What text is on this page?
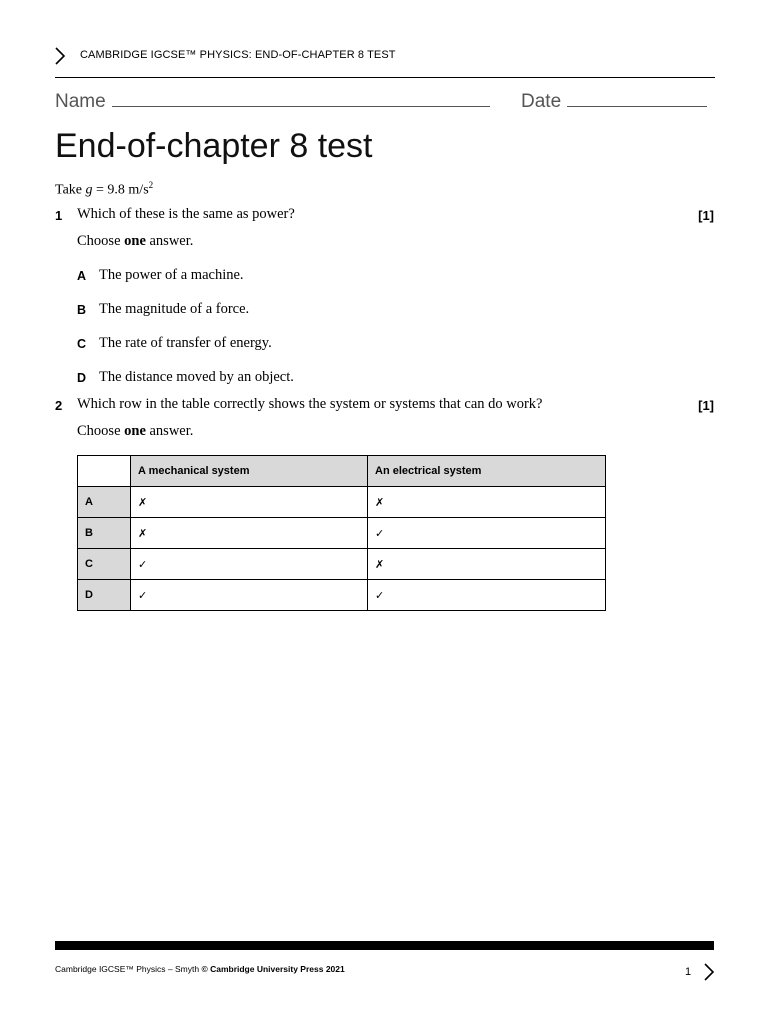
CAMBRIDGE IGCSE™ PHYSICS: END-OF-CHAPTER 8 TEST
Name	Date
End-of-chapter 8 test
Take g = 9.8 $m/s^2$
1 Which of these is the same as power?	[1]
Choose one answer.
A The power of a machine.
B The magnitude of a force.
C The rate of transfer of energy.
D The distance moved by an object.
2 Which row in the table correctly shows the system or systems that can do work?	[1]
Choose one answer.
	A mechanical system	An electrical system
A	✗	✗
B	✗	✓
C	✓	✗
D	✓	✓
Cambridge IGCSE™ Physics – Smyth © Cambridge University Press 2021	1
